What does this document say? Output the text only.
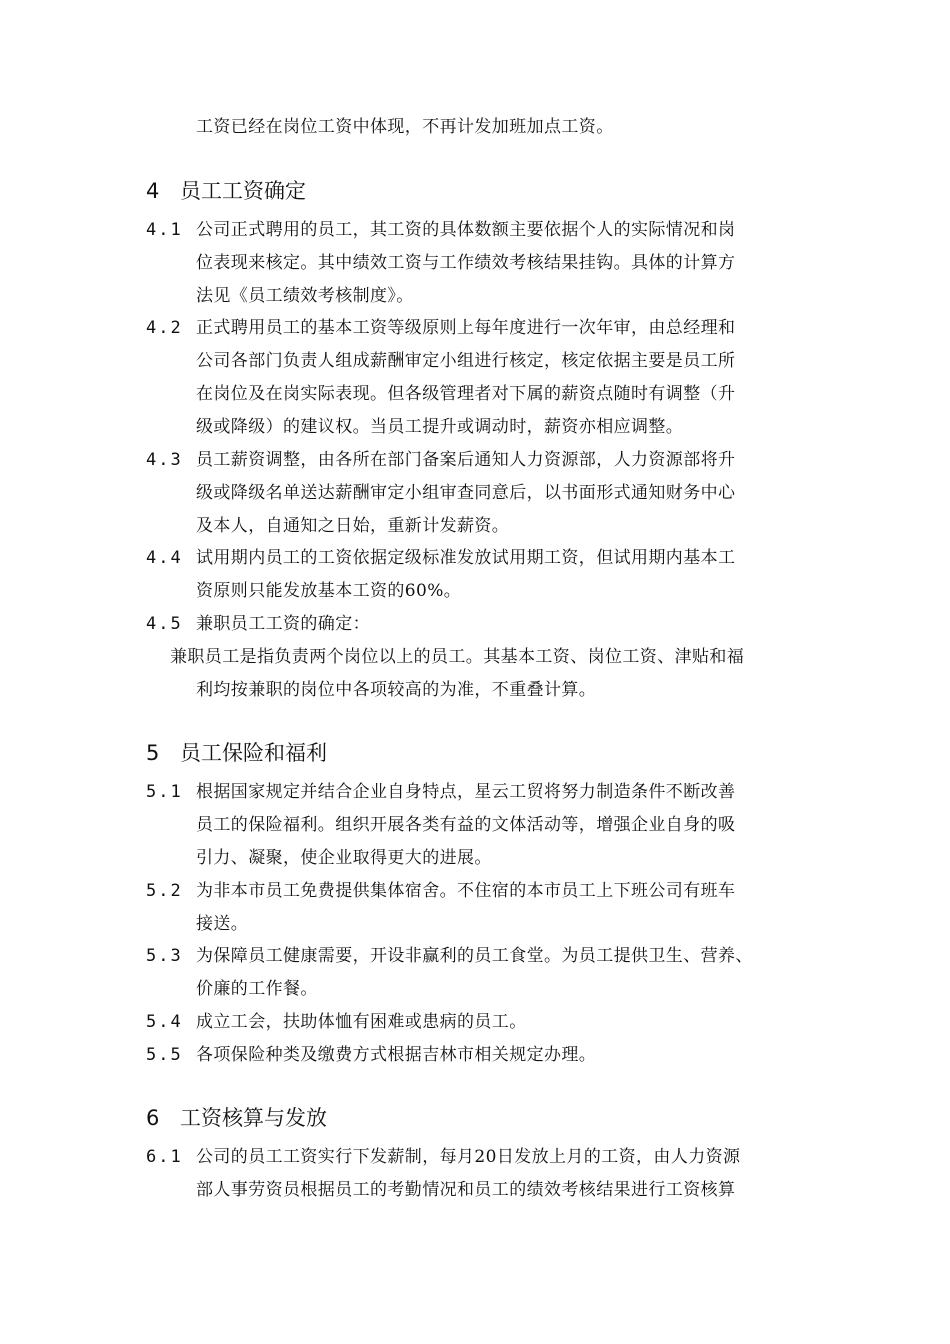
工资已经在岗位工资中体现，不再计发加班加点工资。
4 员工工资确定
4.1 公司正式聘用的员工，其工资的具体数额主要依据个人的实际情况和岗
位表现来核定。其中绩效工资与工作绩效考核结果挂钩。具体的计算方
法见《员工绩效考核制度》。
4.2 正式聘用员工的基本工资等级原则上每年度进行一次年审，由总经理和
公司各部门负责人组成薪酬审定小组进行核定，核定依据主要是员工所
在岗位及在岗实际表现。但各级管理者对下属的薪资点随时有调整（升
级或降级）的建议权。当员工提升或调动时，薪资亦相应调整。
4.3 员工薪资调整，由各所在部门备案后通知人力资源部，人力资源部将升
级或降级名单送达薪酬审定小组审查同意后，以书面形式通知财务中心
及本人，自通知之日始，重新计发薪资。
4.4 试用期内员工的工资依据定级标准发放试用期工资，但试用期内基本工
资原则只能发放基本工资的60%。
4.5 兼职员工工资的确定：
兼职员工是指负责两个岗位以上的员工。其基本工资、岗位工资、津贴和福
利均按兼职的岗位中各项较高的为准，不重叠计算。
5 员工保险和福利
5.1 根据国家规定并结合企业自身特点，星云工贸将努力制造条件不断改善
员工的保险福利。组织开展各类有益的文体活动等，增强企业自身的吸
引力、凝聚，使企业取得更大的进展。
5.2 为非本市员工免费提供集体宿舍。不住宿的本市员工上下班公司有班车
接送。
5.3 为保障员工健康需要，开设非赢利的员工食堂。为员工提供卫生、营养、
价廉的工作餐。
5.4 成立工会，扶助体恤有困难或患病的员工。
5.5 各项保险种类及缴费方式根据吉林市相关规定办理。
6 工资核算与发放
6.1 公司的员工工资实行下发薪制，每月20日发放上月的工资，由人力资源
部人事劳资员根据员工的考勤情况和员工的绩效考核结果进行工资核算
